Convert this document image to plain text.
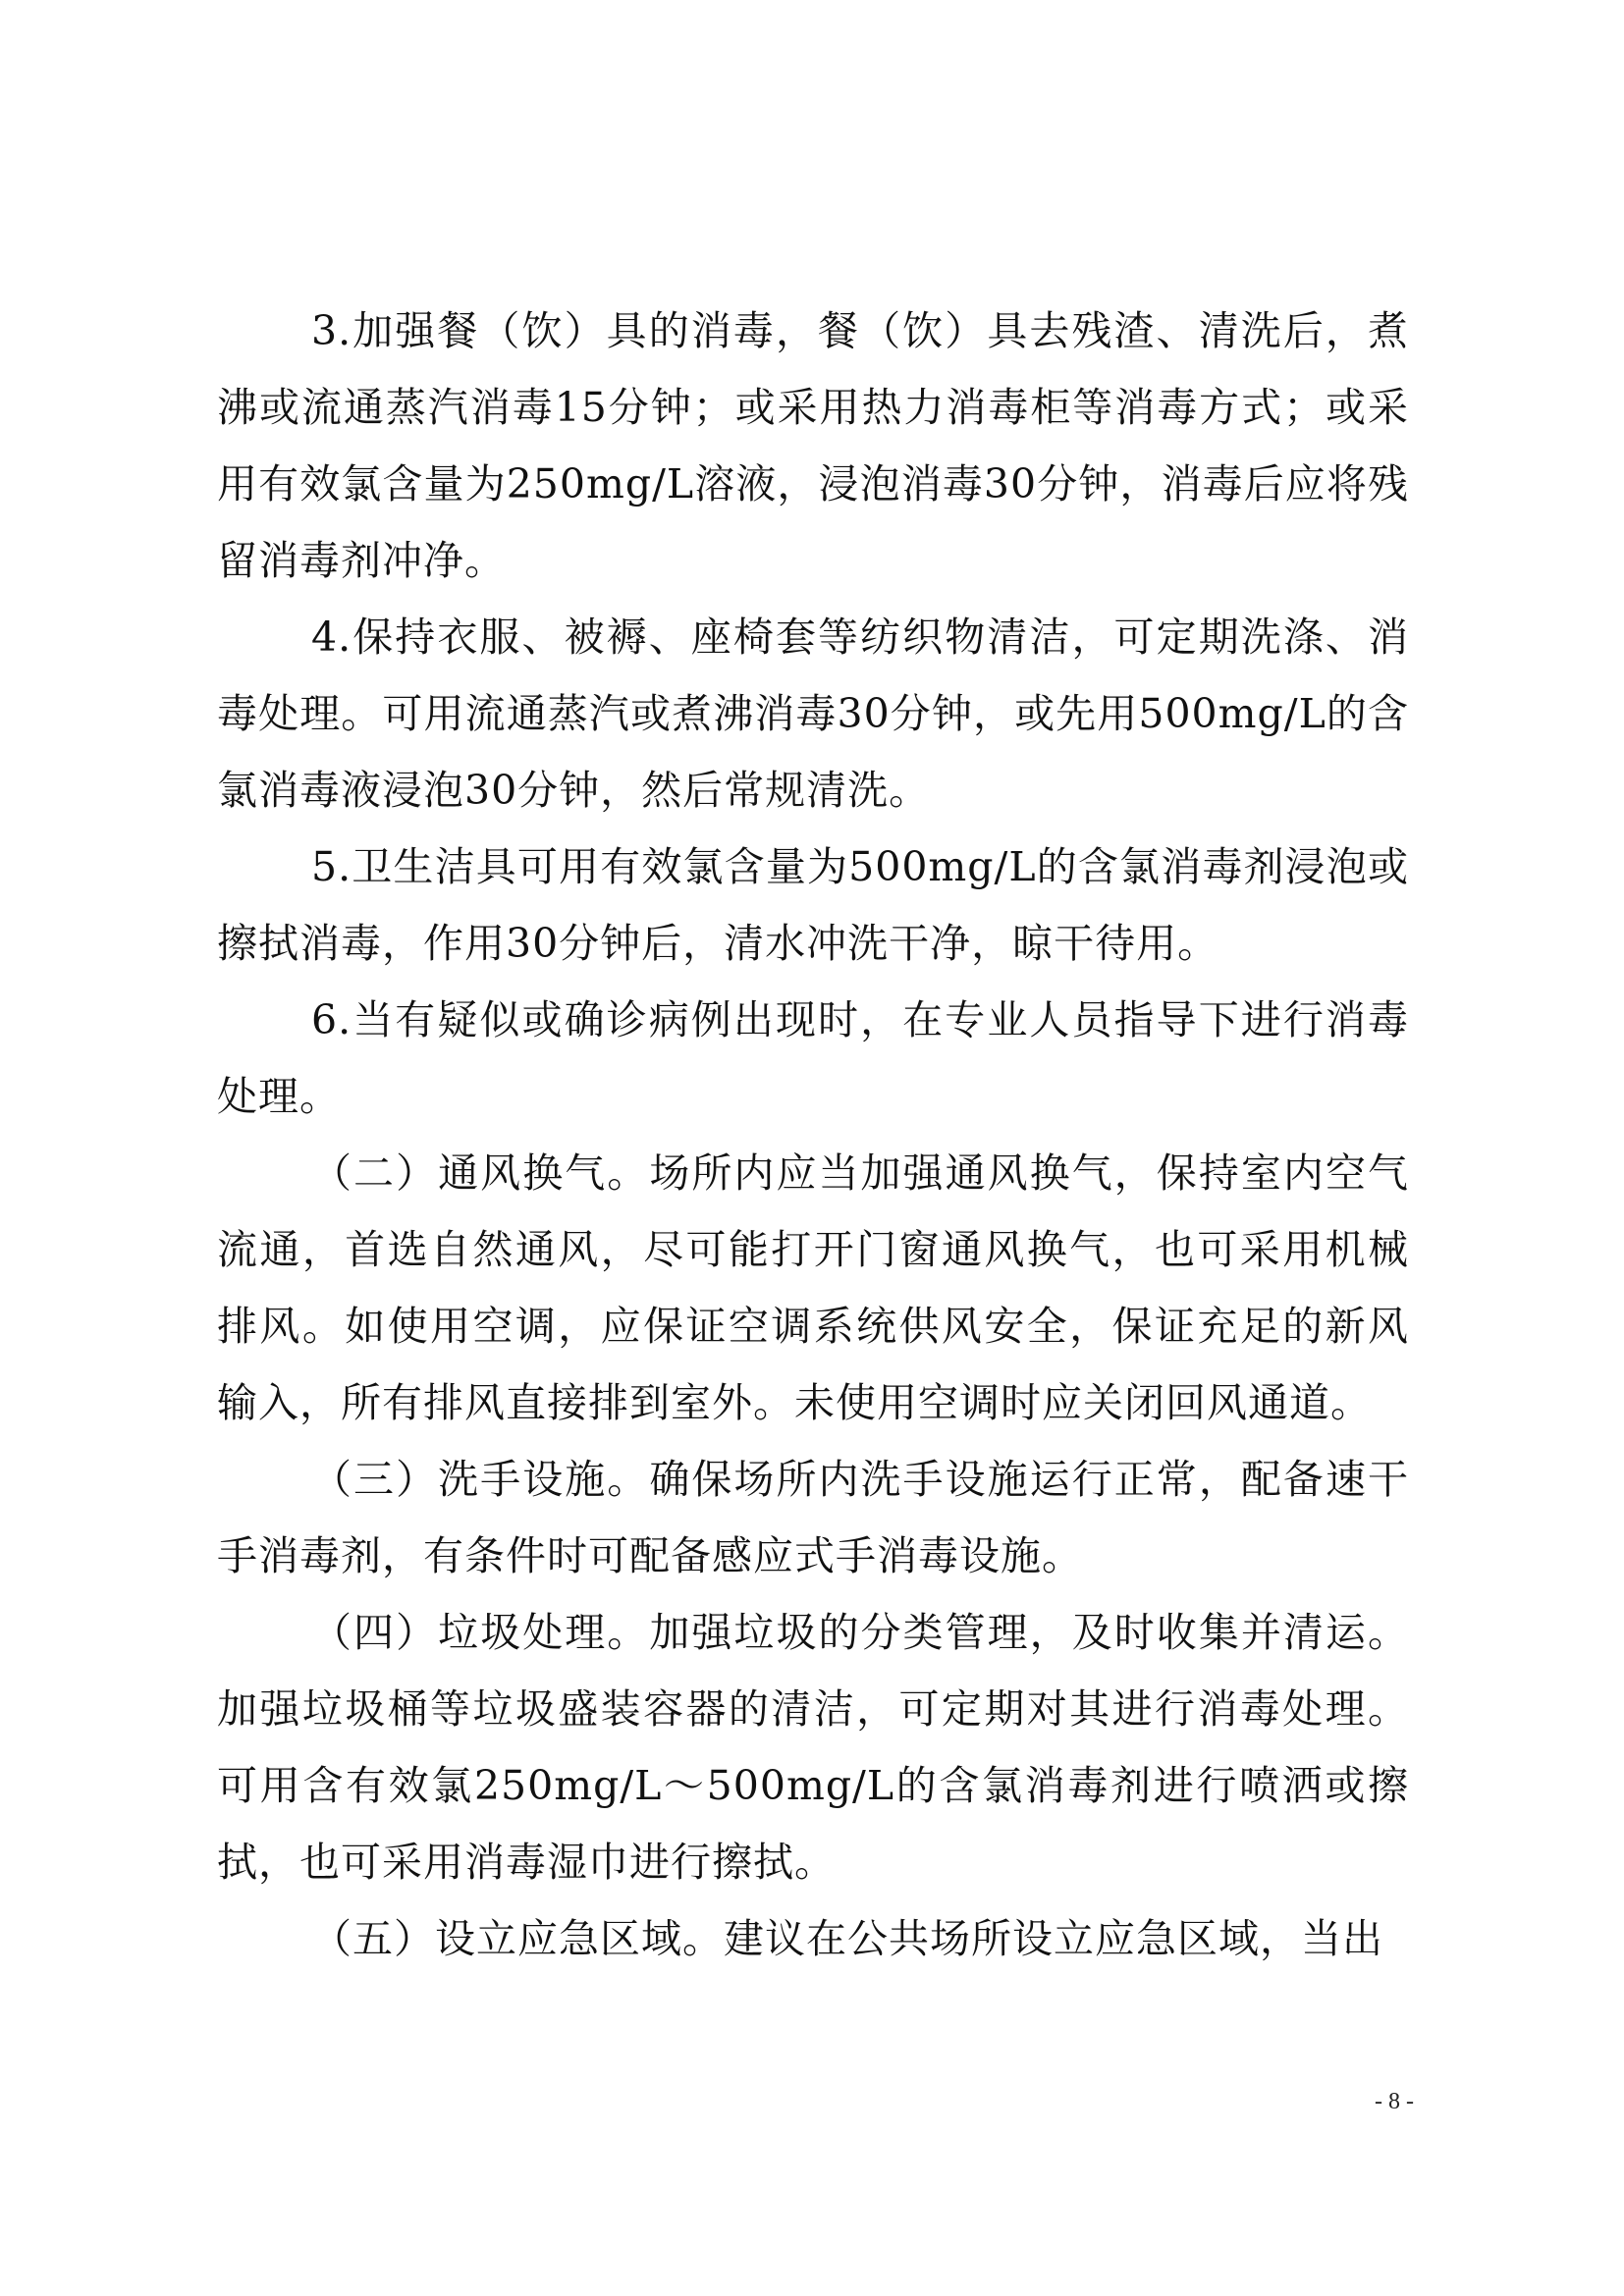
3.加强餐（饮）具的消毒，餐（饮）具去残渣、清洗后，煮沸或流通蒸汽消毒15分钟；或采用热力消毒柜等消毒方式；或采用有效氯含量为250mg/L溶液，浸泡消毒30分钟，消毒后应将残留消毒剂冲净。

4.保持衣服、被褥、座椅套等纺织物清洁，可定期洗涤、消毒处理。可用流通蒸汽或煮沸消毒30分钟，或先用500mg/L的含氯消毒液浸泡30分钟，然后常规清洗。

5.卫生洁具可用有效氯含量为500mg/L的含氯消毒剂浸泡或擦拭消毒，作用30分钟后，清水冲洗干净，晾干待用。

6.当有疑似或确诊病例出现时，在专业人员指导下进行消毒处理。

（二）通风换气。场所内应当加强通风换气，保持室内空气流通，首选自然通风，尽可能打开门窗通风换气，也可采用机械排风。如使用空调，应保证空调系统供风安全，保证充足的新风输入，所有排风直接排到室外。未使用空调时应关闭回风通道。

（三）洗手设施。确保场所内洗手设施运行正常，配备速干手消毒剂，有条件时可配备感应式手消毒设施。

（四）垃圾处理。加强垃圾的分类管理，及时收集并清运。加强垃圾桶等垃圾盛装容器的清洁，可定期对其进行消毒处理。可用含有效氯250mg/L～500mg/L的含氯消毒剂进行喷洒或擦拭，也可采用消毒湿巾进行擦拭。

（五）设立应急区域。建议在公共场所设立应急区域，当出

- 8 -
